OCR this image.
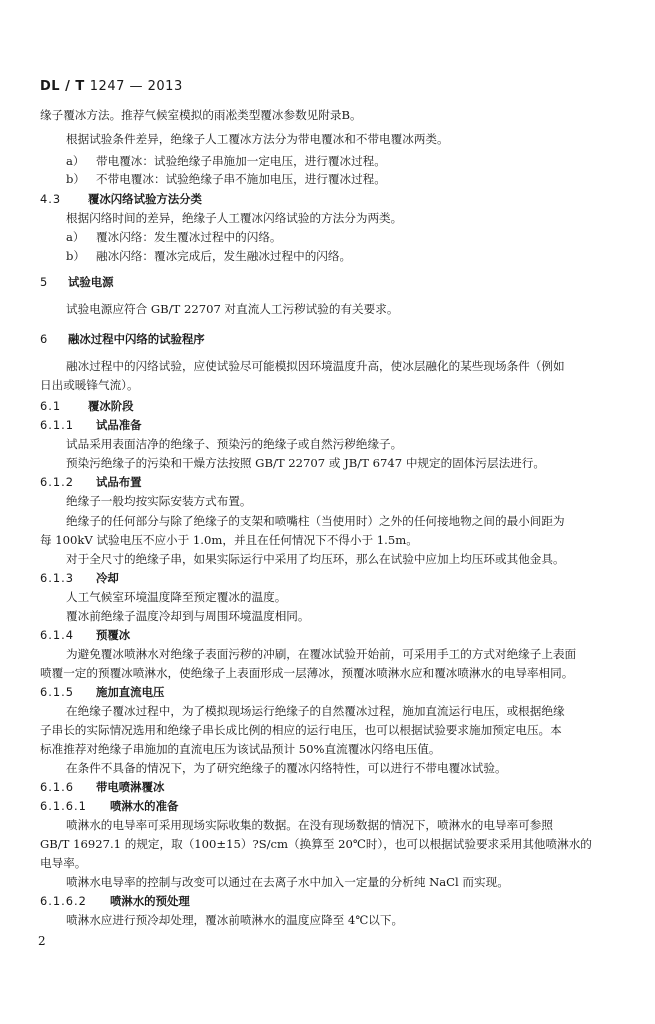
DL / T 1247 — 2013
缘子覆冰方法。推荐气候室模拟的雨凇类型覆冰参数见附录B。
根据试验条件差异，绝缘子人工覆冰方法分为带电覆冰和不带电覆冰两类。
a） 带电覆冰：试验绝缘子串施加一定电压，进行覆冰过程。
b） 不带电覆冰：试验绝缘子串不施加电压，进行覆冰过程。
4.3 覆冰闪络试验方法分类
根据闪络时间的差异，绝缘子人工覆冰闪络试验的方法分为两类。
a） 覆冰闪络：发生覆冰过程中的闪络。
b） 融冰闪络：覆冰完成后，发生融冰过程中的闪络。
5 试验电源
试验电源应符合 GB/T 22707 对直流人工污秽试验的有关要求。
6 融冰过程中闪络的试验程序
融冰过程中的闪络试验，应使试验尽可能模拟因环境温度升高，使冰层融化的某些现场条件（例如
日出或暖锋气流）。
6.1 覆冰阶段
6.1.1 试品准备
试品采用表面洁净的绝缘子、预染污的绝缘子或自然污秽绝缘子。
预染污绝缘子的污染和干燥方法按照 GB/T 22707 或 JB/T 6747 中规定的固体污层法进行。
6.1.2 试品布置
绝缘子一般均按实际安装方式布置。
绝缘子的任何部分与除了绝缘子的支架和喷嘴柱（当使用时）之外的任何接地物之间的最小间距为
每 100kV 试验电压不应小于 1.0m，并且在任何情况下不得小于 1.5m。
对于全尺寸的绝缘子串，如果实际运行中采用了均压环，那么在试验中应加上均压环或其他金具。
6.1.3 冷却
人工气候室环境温度降至预定覆冰的温度。
覆冰前绝缘子温度冷却到与周围环境温度相同。
6.1.4 预覆冰
为避免覆冰喷淋水对绝缘子表面污秽的冲刷，在覆冰试验开始前，可采用手工的方式对绝缘子上表面
喷覆一定的预覆冰喷淋水，使绝缘子上表面形成一层薄冰，预覆冰喷淋水应和覆冰喷淋水的电导率相同。
6.1.5 施加直流电压
在绝缘子覆冰过程中，为了模拟现场运行绝缘子的自然覆冰过程，施加直流运行电压，或根据绝缘
子串长的实际情况选用和绝缘子串长成比例的相应的运行电压，也可以根据试验要求施加预定电压。本
标准推荐对绝缘子串施加的直流电压为该试品预计 50%直流覆冰闪络电压值。
在条件不具备的情况下，为了研究绝缘子的覆冰闪络特性，可以进行不带电覆冰试验。
6.1.6 带电喷淋覆冰
6.1.6.1 喷淋水的准备
喷淋水的电导率可采用现场实际收集的数据。在没有现场数据的情况下，喷淋水的电导率可参照
GB/T 16927.1 的规定，取（100±15）?S/cm（换算至 20℃时），也可以根据试验要求采用其他喷淋水的
电导率。
喷淋水电导率的控制与改变可以通过在去离子水中加入一定量的分析纯 NaCl 而实现。
6.1.6.2 喷淋水的预处理
喷淋水应进行预冷却处理，覆冰前喷淋水的温度应降至 4℃以下。
2
